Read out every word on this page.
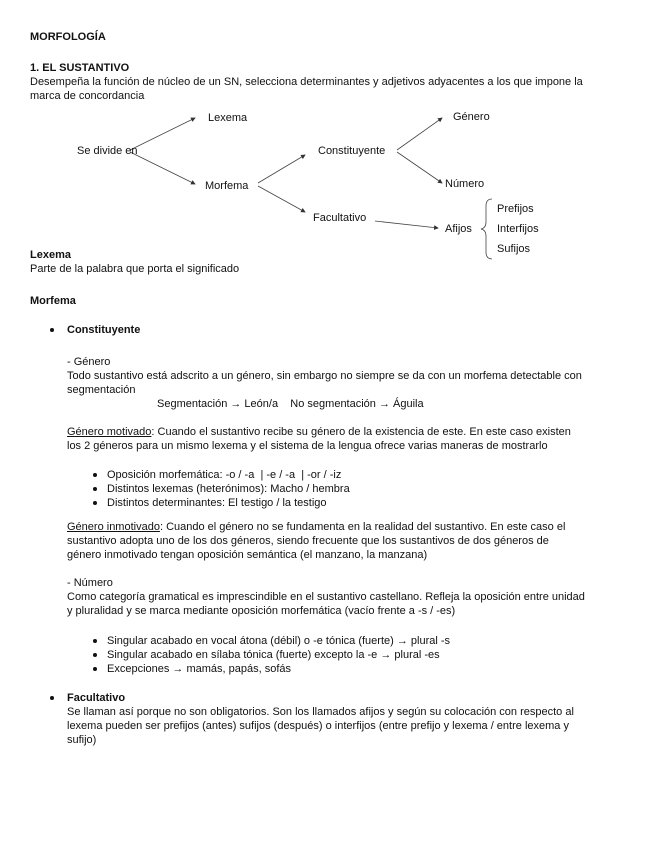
MORFOLOGÍA
1. EL SUSTANTIVO
Desempeña la función de núcleo de un SN, selecciona determinantes y adjetivos adyacentes a los que impone la
marca de concordancia
Se divide en
Lexema
Morfema
Constituyente
Facultativo
Género
Número
Afijos
Prefijos
Interfijos
Sufijos
Lexema
Parte de la palabra que porta el significado
Morfema
Constituyente
- Género
Todo sustantivo está adscrito a un género, sin embargo no siempre se da con un morfema detectable con
segmentación
Segmentación → León/a    No segmentación → Águila
Género motivado: Cuando el sustantivo recibe su género de la existencia de este. En este caso existen
los 2 géneros para un mismo lexema y el sistema de la lengua ofrece varias maneras de mostrarlo
Oposición morfemática: -o / -a  | -e / -a  | -or / -iz
Distintos lexemas (heterónimos): Macho / hembra
Distintos determinantes: El testigo / la testigo
Género inmotivado: Cuando el género no se fundamenta en la realidad del sustantivo. En este caso el
sustantivo adopta uno de los dos géneros, siendo frecuente que los sustantivos de dos géneros de
género inmotivado tengan oposición semántica (el manzano, la manzana)
- Número
Como categoría gramatical es imprescindible en el sustantivo castellano. Refleja la oposición entre unidad
y pluralidad y se marca mediante oposición morfemática (vacío frente a -s / -es)
Singular acabado en vocal átona (débil) o -e tónica (fuerte) → plural -s
Singular acabado en sílaba tónica (fuerte) excepto la -e → plural -es
Excepciones → mamás, papás, sofás
Facultativo
Se llaman así porque no son obligatorios. Son los llamados afijos y según su colocación con respecto al
lexema pueden ser prefijos (antes) sufijos (después) o interfijos (entre prefijo y lexema / entre lexema y
sufijo)
